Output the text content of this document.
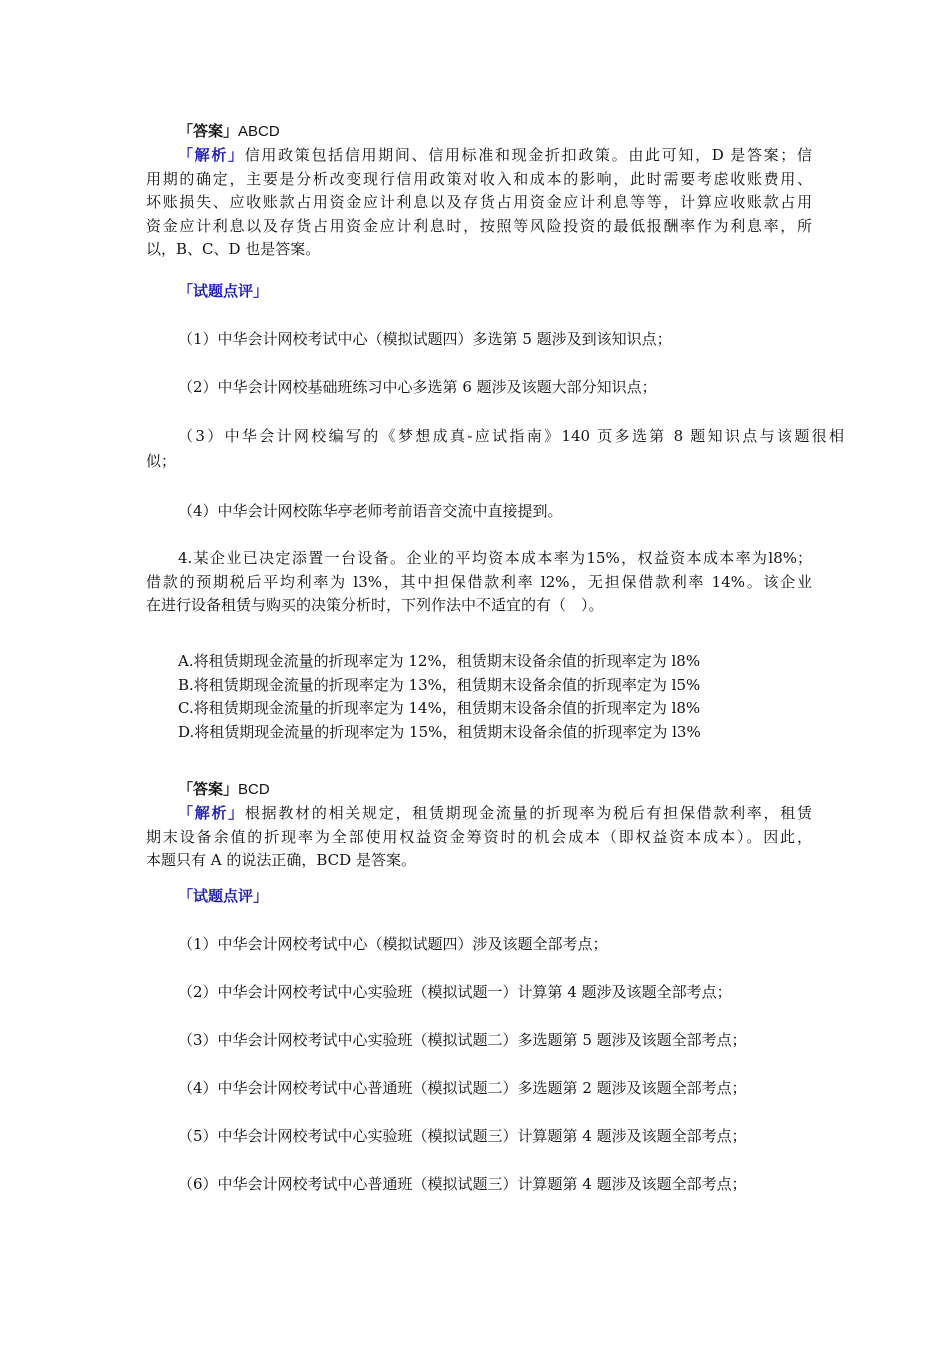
「答案」ABCD
「解析」信用政策包括信用期间、信用标准和现金折扣政策。由此可知，D 是答案；信
用期的确定，主要是分析改变现行信用政策对收入和成本的影响，此时需要考虑收账费用、
坏账损失、应收账款占用资金应计利息以及存货占用资金应计利息等等，计算应收账款占用
资金应计利息以及存货占用资金应计利息时，按照等风险投资的最低报酬率作为利息率，所
以，B、C、D 也是答案。
「试题点评」
（1）中华会计网校考试中心（模拟试题四）多选第 5 题涉及到该知识点；
（2）中华会计网校基础班练习中心多选第 6 题涉及该题大部分知识点；
（3）中华会计网校编写的《梦想成真-应试指南》140 页多选第 8 题知识点与该题很相
似；
（4）中华会计网校陈华亭老师考前语音交流中直接提到。
4.某企业已决定添置一台设备。企业的平均资本成本率为15%，权益资本成本率为l8%；
借款的预期税后平均利率为 l3%，其中担保借款利率 l2%，无担保借款利率 14%。该企业
在进行设备租赁与购买的决策分析时，下列作法中不适宜的有（　）。
A.将租赁期现金流量的折现率定为 12%，租赁期末设备余值的折现率定为 l8%
B.将租赁期现金流量的折现率定为 13%，租赁期末设备余值的折现率定为 l5%
C.将租赁期现金流量的折现率定为 14%，租赁期末设备余值的折现率定为 l8%
D.将租赁期现金流量的折现率定为 15%，租赁期末设备余值的折现率定为 l3%
「答案」BCD
「解析」根据教材的相关规定，租赁期现金流量的折现率为税后有担保借款利率，租赁
期末设备余值的折现率为全部使用权益资金筹资时的机会成本（即权益资本成本）。因此，
本题只有 A 的说法正确，BCD 是答案。
「试题点评」
（1）中华会计网校考试中心（模拟试题四）涉及该题全部考点；
（2）中华会计网校考试中心实验班（模拟试题一）计算第 4 题涉及该题全部考点；
（3）中华会计网校考试中心实验班（模拟试题二）多选题第 5 题涉及该题全部考点；
（4）中华会计网校考试中心普通班（模拟试题二）多选题第 2 题涉及该题全部考点；
（5）中华会计网校考试中心实验班（模拟试题三）计算题第 4 题涉及该题全部考点；
（6）中华会计网校考试中心普通班（模拟试题三）计算题第 4 题涉及该题全部考点；
